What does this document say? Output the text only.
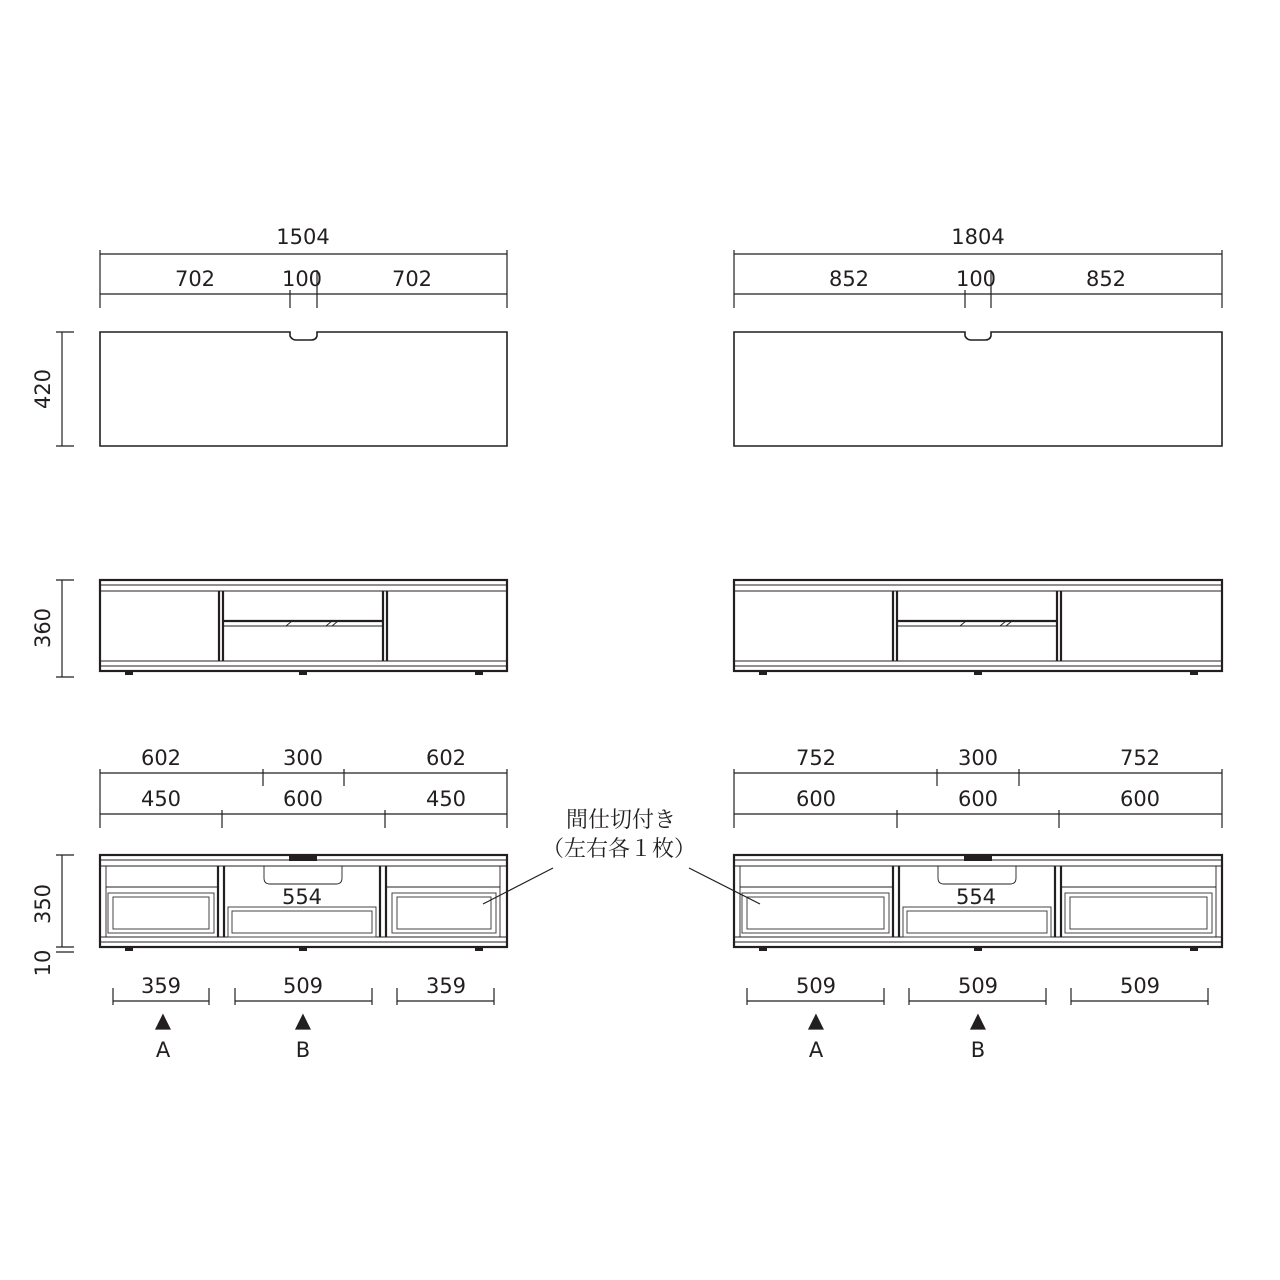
1504
702	100	702
420
360
602	300	602
450	600	450
554
350
10
359	509	359
▲
A
▲
B
1804
852	100	852
752	300	752
600	600	600
554
509	509	509
▲
A
▲
B
間仕切付き
（左右各１枚）
